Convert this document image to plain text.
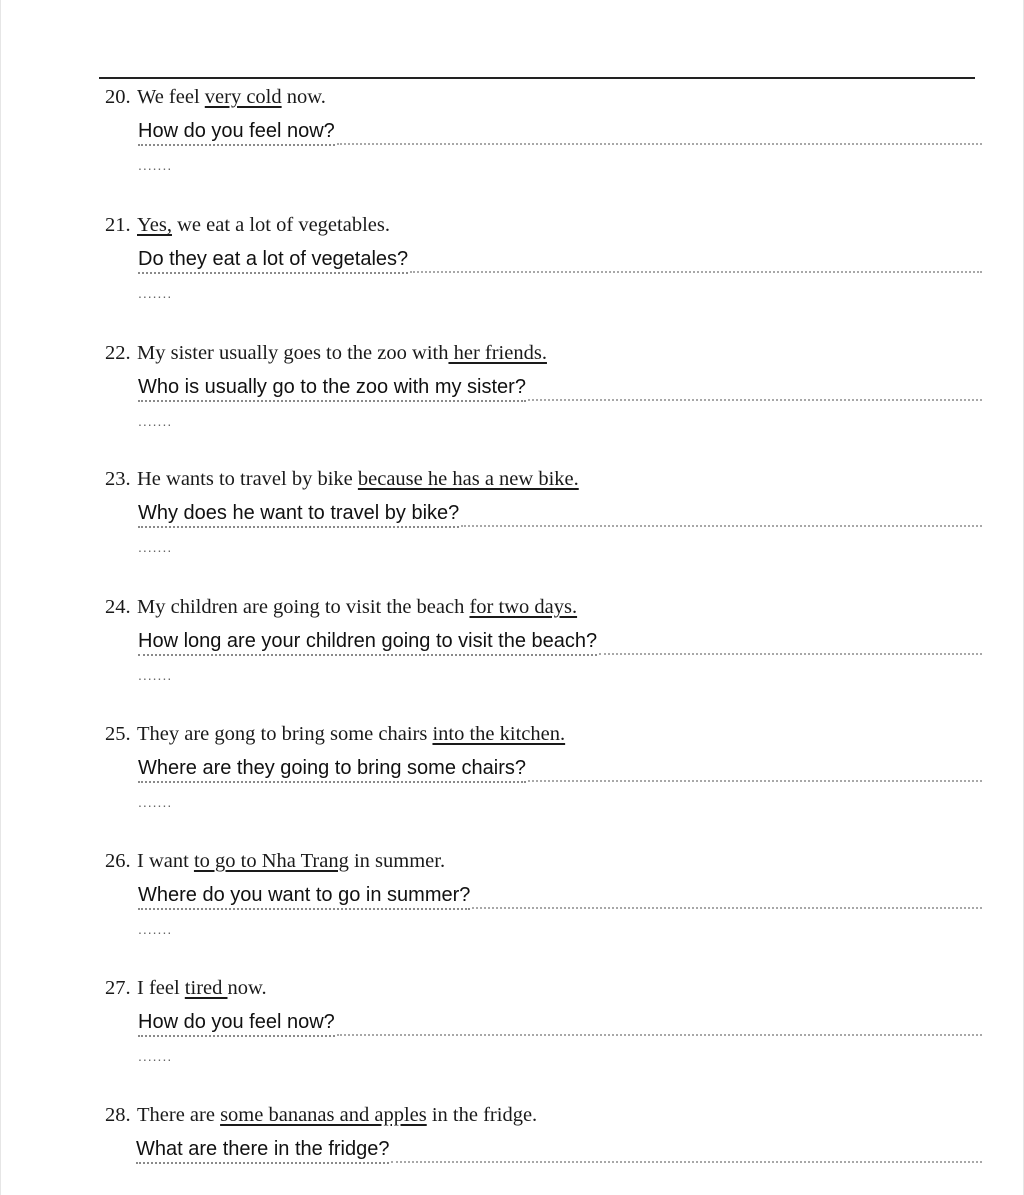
20. We feel very cold now.
How do you feel now?
.......
21. Yes, we eat a lot of vegetables.
Do they eat a lot of vegetales?
.......
22. My sister usually goes to the zoo with her friends.
Who is usually go to the zoo with my sister?
.......
23. He wants to travel by bike because he has a new bike.
Why does he want to travel by bike?
.......
24. My children are going to visit the beach for two days.
How long are your children going to visit the beach?
.......
25. They are gong to bring some chairs into the kitchen.
Where are they going to bring some chairs?
.......
26. I want to go to Nha Trang in summer.
Where do you want to go in summer?
.......
27. I feel tired now.
How do you feel now?
.......
28. There are some bananas and apples in the fridge.
What are there in the fridge?
